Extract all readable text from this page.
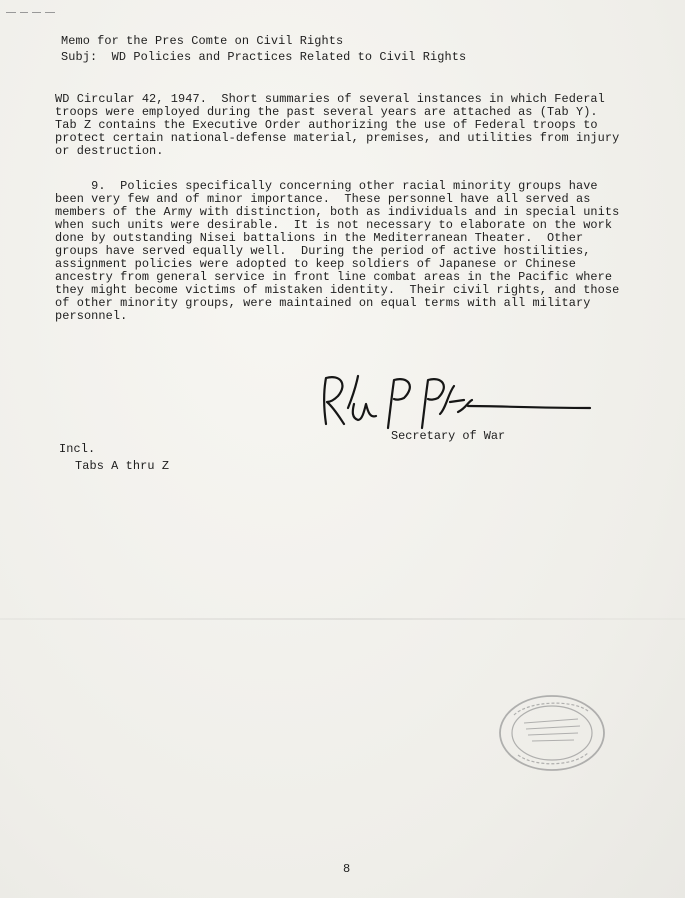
Memo for the Pres Comte on Civil Rights

Subj:  WD Policies and Practices Related to Civil Rights

WD Circular 42, 1947.  Short summaries of several instances in which Federal

troops were employed during the past several years are attached as (Tab Y).

Tab Z contains the Executive Order authorizing the use of Federal troops to

protect certain national-defense material, premises, and utilities from injury

or destruction.

9.  Policies specifically concerning other racial minority groups have

been very few and of minor importance.  These personnel have all served as

members of the Army with distinction, both as individuals and in special units

when such units were desirable.  It is not necessary to elaborate on the work

done by outstanding Nisei battalions in the Mediterranean Theater.  Other

groups have served equally well.  During the period of active hostilities,

assignment policies were adopted to keep soldiers of Japanese or Chinese

ancestry from general service in front line combat areas in the Pacific where

they might become victims of mistaken identity.  Their civil rights, and those

of other minority groups, were maintained on equal terms with all military

personnel.

Secretary of War

Incl.

Tabs A thru Z

8
